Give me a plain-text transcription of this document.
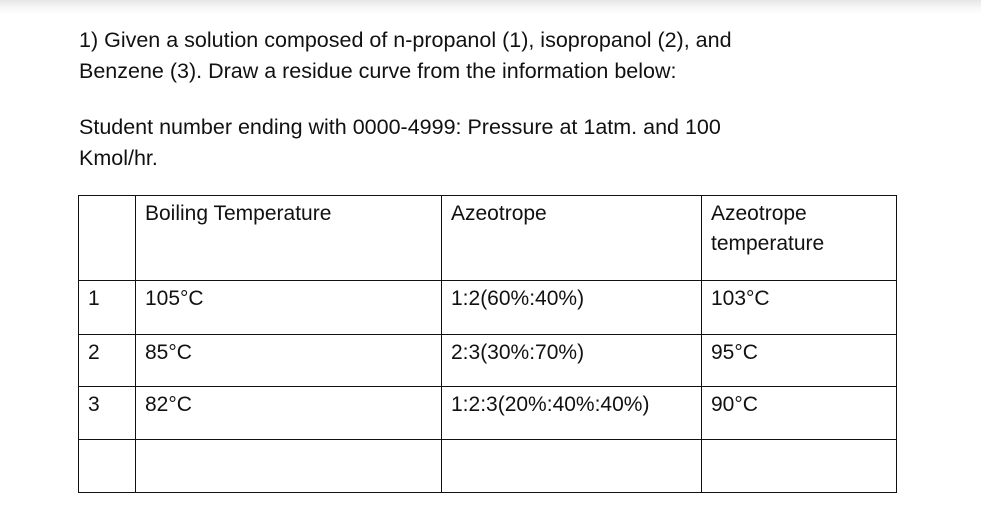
1) Given a solution composed of n-propanol (1), isopropanol (2), and
Benzene (3). Draw a residue curve from the information below:
Student number ending with 0000-4999: Pressure at 1atm. and 100
Kmol/hr.
	Boiling Temperature	Azeotrope	Azeotrope
temperature

1	105°C	1:2(60%:40%)	103°C
2	85°C	2:3(30%:70%)	95°C
3	82°C	1:2:3(20%:40%:40%)	90°C
